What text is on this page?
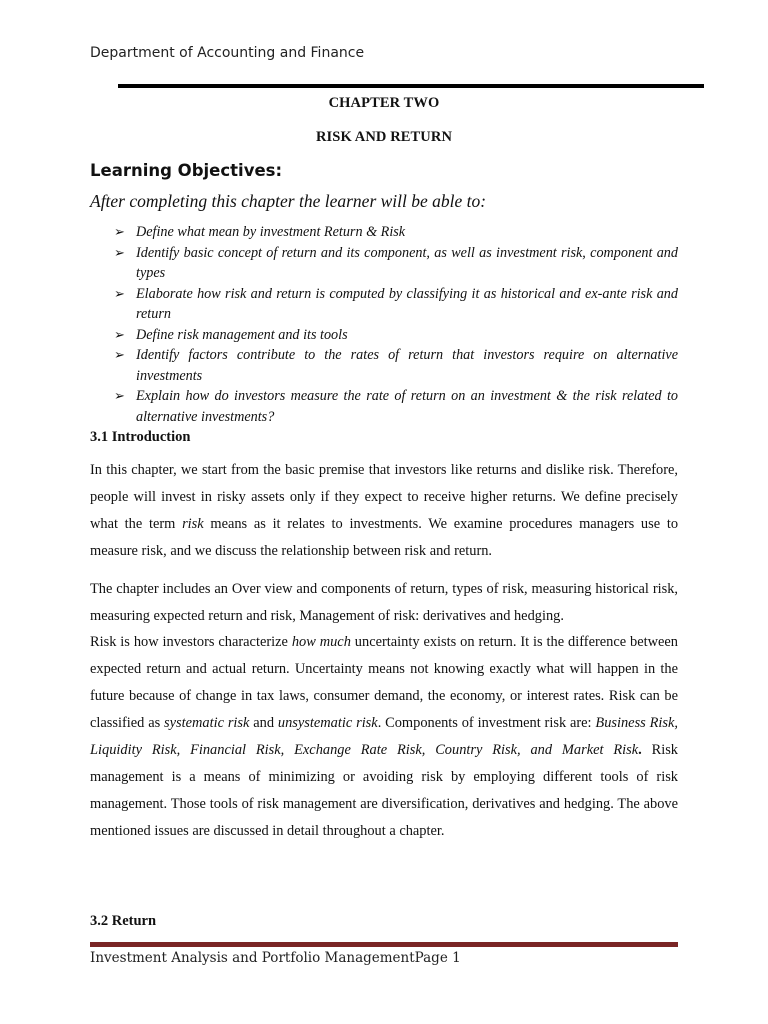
Department of Accounting and Finance
CHAPTER TWO
RISK AND RETURN
Learning Objectives:
After completing this chapter the learner will be able to:
➢ Define what mean by investment Return & Risk
➢ Identify basic concept of return and its component, as well as investment risk, component and types
➢ Elaborate how risk and return is computed by classifying it as historical and ex-ante risk and return
➢ Define risk management and its tools
➢ Identify factors contribute to the rates of return that investors require on alternative investments
➢ Explain how do investors measure the rate of return on an investment & the risk related to alternative investments?
3.1 Introduction

In this chapter, we start from the basic premise that investors like returns and dislike risk. Therefore, people will invest in risky assets only if they expect to receive higher returns. We define precisely what the term risk means as it relates to investments. We examine procedures managers use to measure risk, and we discuss the relationship between risk and return.

The chapter includes an Over view and components of return, types of risk, measuring historical risk, measuring expected return and risk, Management of risk: derivatives and hedging.

Risk is how investors characterize how much uncertainty exists on return. It is the difference between expected return and actual return. Uncertainty means not knowing exactly what will happen in the future because of change in tax laws, consumer demand, the economy, or interest rates. Risk can be classified as systematic risk and unsystematic risk. Components of investment risk are: Business Risk, Liquidity Risk, Financial Risk, Exchange Rate Risk, Country Risk, and Market Risk. Risk management is a means of minimizing or avoiding risk by employing different tools of risk management. Those tools of risk management are diversification, derivatives and hedging. The above mentioned issues are discussed in detail throughout a chapter.

3.2 Return
Investment Analysis and Portfolio ManagementPage 1
